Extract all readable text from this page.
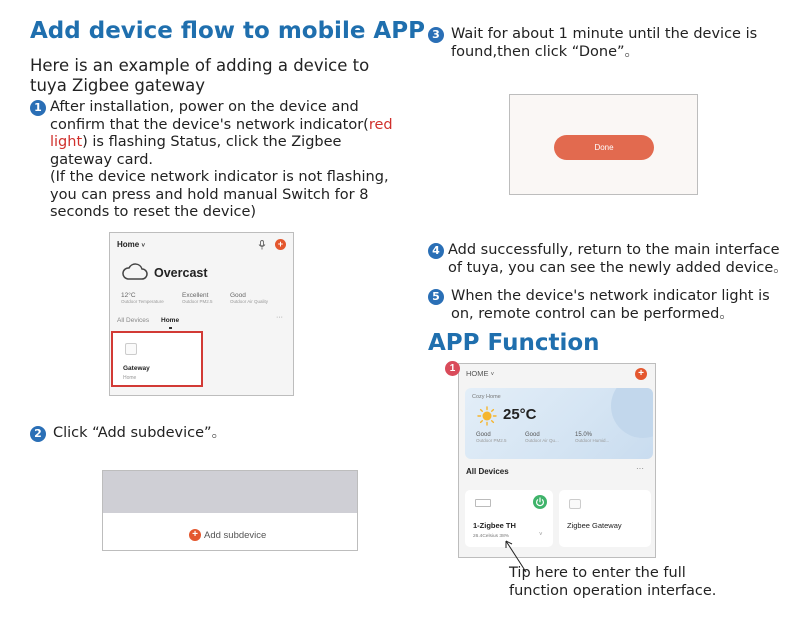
Add device flow to mobile APP
Here is an example of adding a device to tuya Zigbee gateway
1 After installation, power on the device and confirm that the device's network indicator(red light) is flashing Status, click the Zigbee gateway card.
(If the device network indicator is not flashing, you can press and hold manual Switch for 8 seconds to reset the device)
Home ˅	+
Overcast
12°C
Outdoor Temperature
Excellent
Outdoor PM2.5
Good
Outdoor Air Quality
All Devices Home	···
Gateway
Home
2 Click “Add subdevice”。
+ Add subdevice
3 Wait for about 1 minute until the device is found,then click “Done”。
Done
4 Add successfully, return to the main interface of tuya, you can see the newly added device。
5 When the device's network indicator light is on, remote control can be performed。
APP Function
HOME ˅	+
Cozy Home
25°C
Good
Outdoor PM2.5
Good
Outdoor Air Qu...
15.0%
Outdoor Humid...
All Devices	···
1-Zigbee TH
26.4Celsius 38%	˅
Zigbee Gateway
1
Tip here to enter the full function operation interface.
